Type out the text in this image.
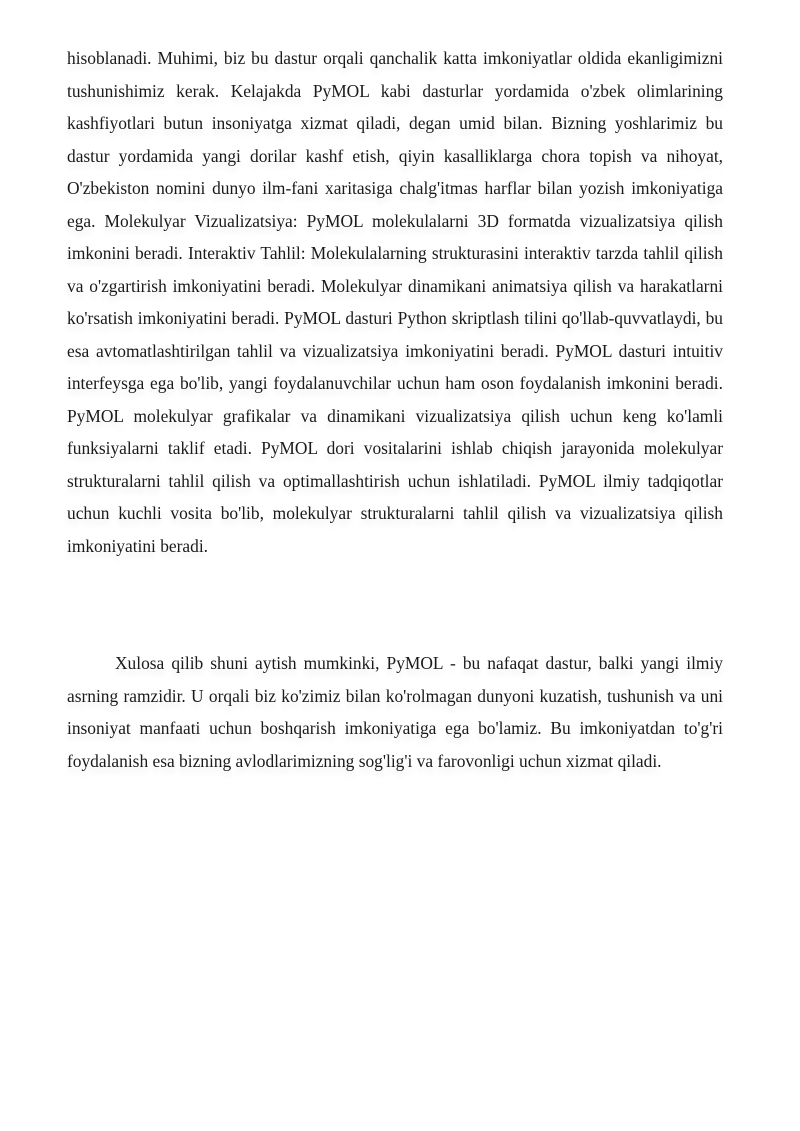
hisoblanadi. Muhimi, biz bu dastur orqali qanchalik katta imkoniyatlar oldida ekanligimizni tushunishimiz kerak. Kelajakda PyMOL kabi dasturlar yordamida o'zbek olimlarining kashfiyotlari butun insoniyatga xizmat qiladi, degan umid bilan. Bizning yoshlarimiz bu dastur yordamida yangi dorilar kashf etish, qiyin kasalliklarga chora topish va nihoyat, O'zbekiston nomini dunyo ilm-fani xaritasiga chalg'itmas harflar bilan yozish imkoniyatiga ega. Molekulyar Vizualizatsiya: PyMOL molekulalarni 3D formatda vizualizatsiya qilish imkonini beradi. Interaktiv Tahlil: Molekulalarning strukturasini interaktiv tarzda tahlil qilish va o'zgartirish imkoniyatini beradi. Molekulyar dinamikani animatsiya qilish va harakatlarni ko'rsatish imkoniyatini beradi. PyMOL dasturi Python skriptlash tilini qo'llab-quvvatlaydi, bu esa avtomatlashtirilgan tahlil va vizualizatsiya imkoniyatini beradi. PyMOL dasturi intuitiv interfeysga ega bo'lib, yangi foydalanuvchilar uchun ham oson foydalanish imkonini beradi. PyMOL molekulyar grafikalar va dinamikani vizualizatsiya qilish uchun keng ko'lamli funksiyalarni taklif etadi. PyMOL dori vositalarini ishlab chiqish jarayonida molekulyar strukturalarni tahlil qilish va optimallashtirish uchun ishlatiladi. PyMOL ilmiy tadqiqotlar uchun kuchli vosita bo'lib, molekulyar strukturalarni tahlil qilish va vizualizatsiya qilish imkoniyatini beradi.

Xulosa qilib shuni aytish mumkinki, PyMOL - bu nafaqat dastur, balki yangi ilmiy asrning ramzidir. U orqali biz ko'zimiz bilan ko'rolmagan dunyoni kuzatish, tushunish va uni insoniyat manfaati uchun boshqarish imkoniyatiga ega bo'lamiz. Bu imkoniyatdan to'g'ri foydalanish esa bizning avlodlarimizning sog'lig'i va farovonligi uchun xizmat qiladi.
